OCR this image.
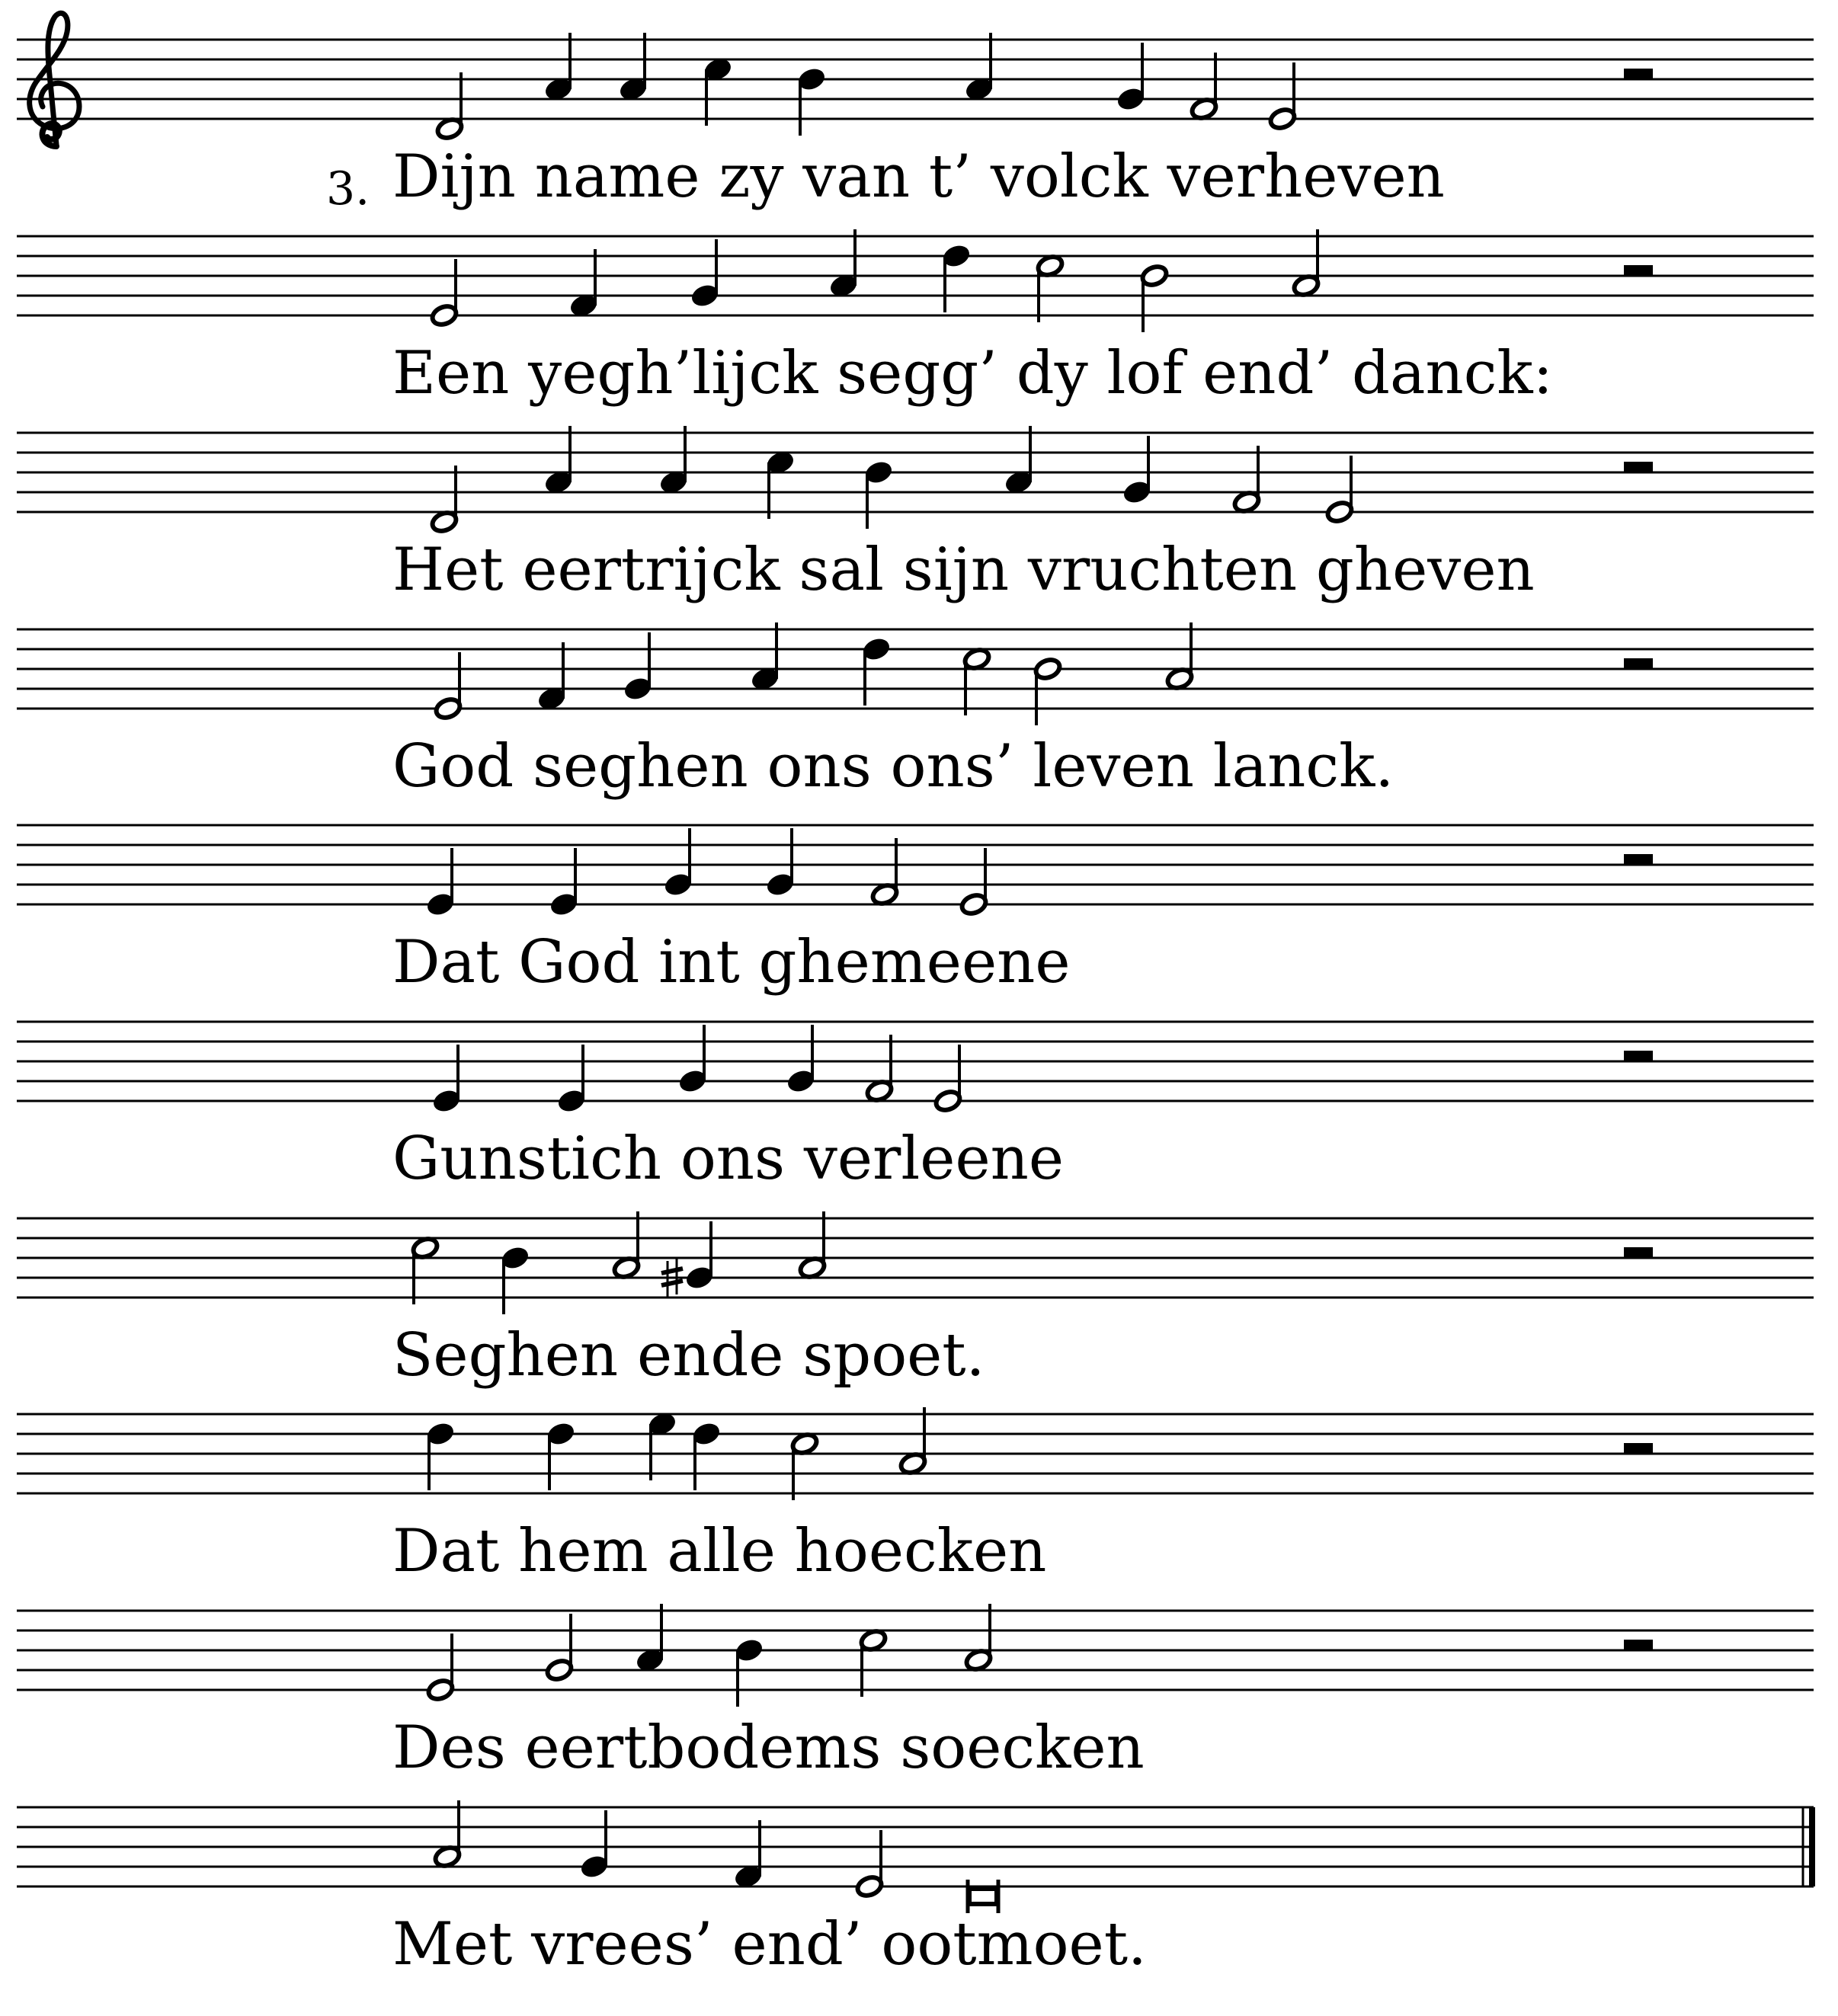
3. Dijn name zy van t’ volck verheven

Een yegh’lijck segg’ dy lof end’ danck:

Het eertrijck sal sijn vruchten gheven

God seghen ons ons’ leven lanck.

Dat God int ghemeene

Gunstich ons verleene

Seghen ende spoet.

Dat hem alle hoecken

Des eertbodems soecken

Met vrees’ end’ ootmoet.
